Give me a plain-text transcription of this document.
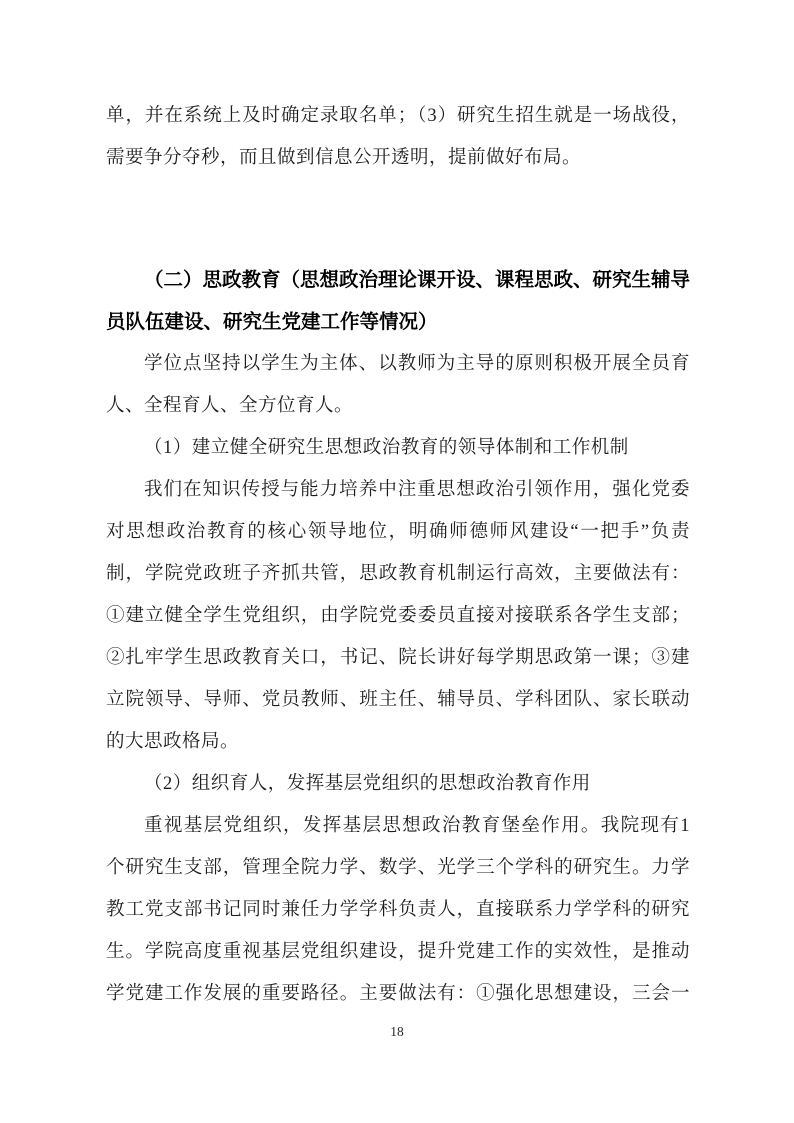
单，并在系统上及时确定录取名单；（3）研究生招生就是一场战役，
需要争分夺秒，而且做到信息公开透明，提前做好布局。
（二）思政教育（思想政治理论课开设、课程思政、研究生辅导
员队伍建设、研究生党建工作等情况）
学位点坚持以学生为主体、以教师为主导的原则积极开展全员育
人、全程育人、全方位育人。
（1）建立健全研究生思想政治教育的领导体制和工作机制
我们在知识传授与能力培养中注重思想政治引领作用，强化党委
对思想政治教育的核心领导地位，明确师德师风建设“一把手”负责
制，学院党政班子齐抓共管，思政教育机制运行高效，主要做法有：
①建立健全学生党组织，由学院党委委员直接对接联系各学生支部；
②扎牢学生思政教育关口，书记、院长讲好每学期思政第一课；③建
立院领导、导师、党员教师、班主任、辅导员、学科团队、家长联动
的大思政格局。
（2）组织育人，发挥基层党组织的思想政治教育作用
重视基层党组织，发挥基层思想政治教育堡垒作用。我院现有1
个研究生支部，管理全院力学、数学、光学三个学科的研究生。力学
教工党支部书记同时兼任力学学科负责人，直接联系力学学科的研究
生。学院高度重视基层党组织建设，提升党建工作的实效性，是推动
学党建工作发展的重要路径。主要做法有：①强化思想建设，三会一
18
